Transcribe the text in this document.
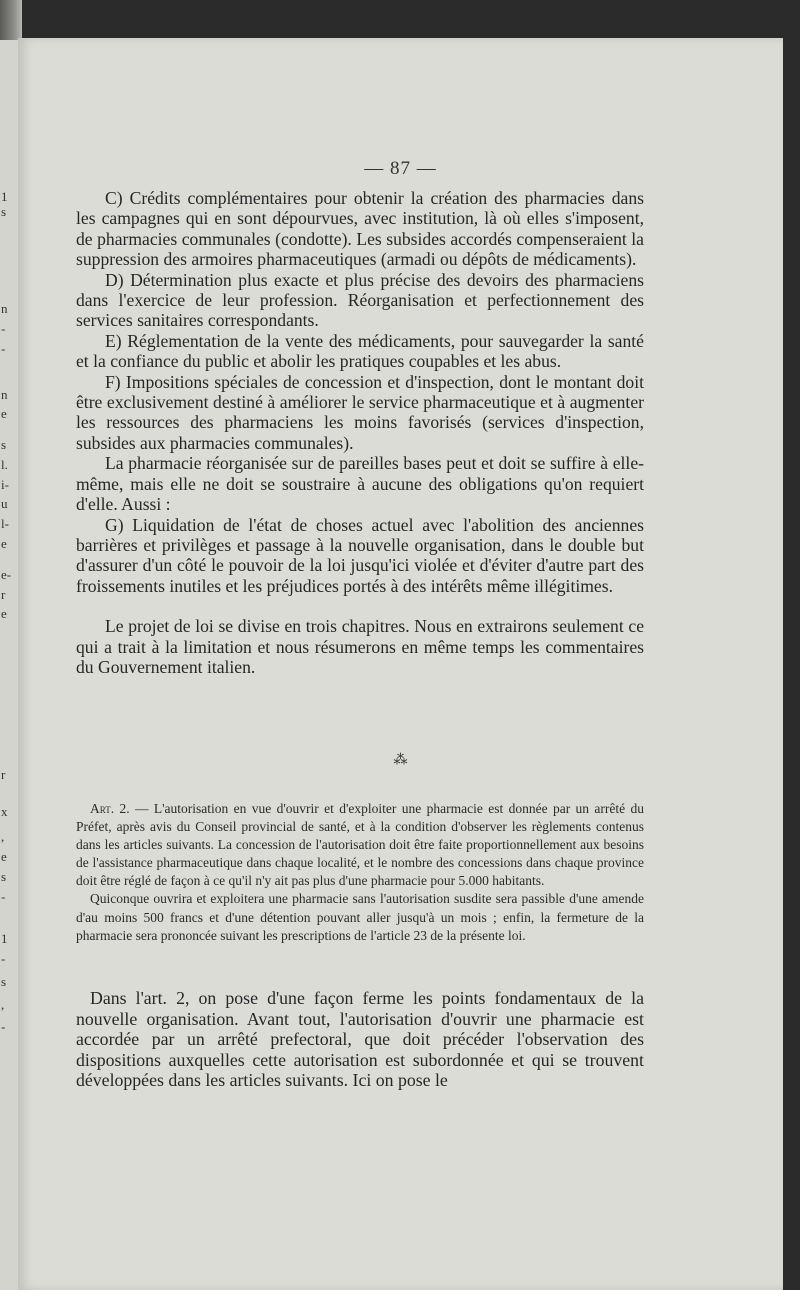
1
s
n
-
-
n
e
s
l.
i-
u
l-
e
e-
r
e
r
x
,
e
s
-
1
-
s
,
-
— 87 —

C) Crédits complémentaires pour obtenir la création des pharmacies dans les campagnes qui en sont dépourvues, avec institution, là où elles s'imposent, de pharmacies communales (condotte). Les subsides accordés compenseraient la suppression des armoires pharmaceutiques (armadi ou dépôts de médicaments).

D) Détermination plus exacte et plus précise des devoirs des pharmaciens dans l'exercice de leur profession. Réorganisation et perfectionnement des services sanitaires correspondants.

E) Réglementation de la vente des médicaments, pour sauvegarder la santé et la confiance du public et abolir les pratiques coupables et les abus.

F) Impositions spéciales de concession et d'inspection, dont le montant doit être exclusivement destiné à améliorer le service pharmaceutique et à augmenter les ressources des pharmaciens les moins favorisés (services d'inspection, subsides aux pharmacies communales).

La pharmacie réorganisée sur de pareilles bases peut et doit se suffire à elle-même, mais elle ne doit se soustraire à aucune des obligations qu'on requiert d'elle. Aussi :

G) Liquidation de l'état de choses actuel avec l'abolition des anciennes barrières et privilèges et passage à la nouvelle organisation, dans le double but d'assurer d'un côté le pouvoir de la loi jusqu'ici violée et d'éviter d'autre part des froissements inutiles et les préjudices portés à des intérêts même illégitimes.

Le projet de loi se divise en trois chapitres. Nous en extrairons seulement ce qui a trait à la limitation et nous résumerons en même temps les commentaires du Gouvernement italien.

⁂

Art. 2. — L'autorisation en vue d'ouvrir et d'exploiter une pharmacie est donnée par un arrêté du Préfet, après avis du Conseil provincial de santé, et à la condition d'observer les règlements contenus dans les articles suivants. La concession de l'autorisation doit être faite proportionnellement aux besoins de l'assistance pharmaceutique dans chaque localité, et le nombre des concessions dans chaque province doit être réglé de façon à ce qu'il n'y ait pas plus d'une pharmacie pour 5.000 habitants.

Quiconque ouvrira et exploitera une pharmacie sans l'autorisation susdite sera passible d'une amende d'au moins 500 francs et d'une détention pouvant aller jusqu'à un mois ; enfin, la fermeture de la pharmacie sera prononcée suivant les prescriptions de l'article 23 de la présente loi.

Dans l'art. 2, on pose d'une façon ferme les points fondamentaux de la nouvelle organisation. Avant tout, l'autorisation d'ouvrir une pharmacie est accordée par un arrêté prefectoral, que doit précéder l'observation des dispositions auxquelles cette autorisation est subordonnée et qui se trouvent développées dans les articles suivants. Ici on pose le
